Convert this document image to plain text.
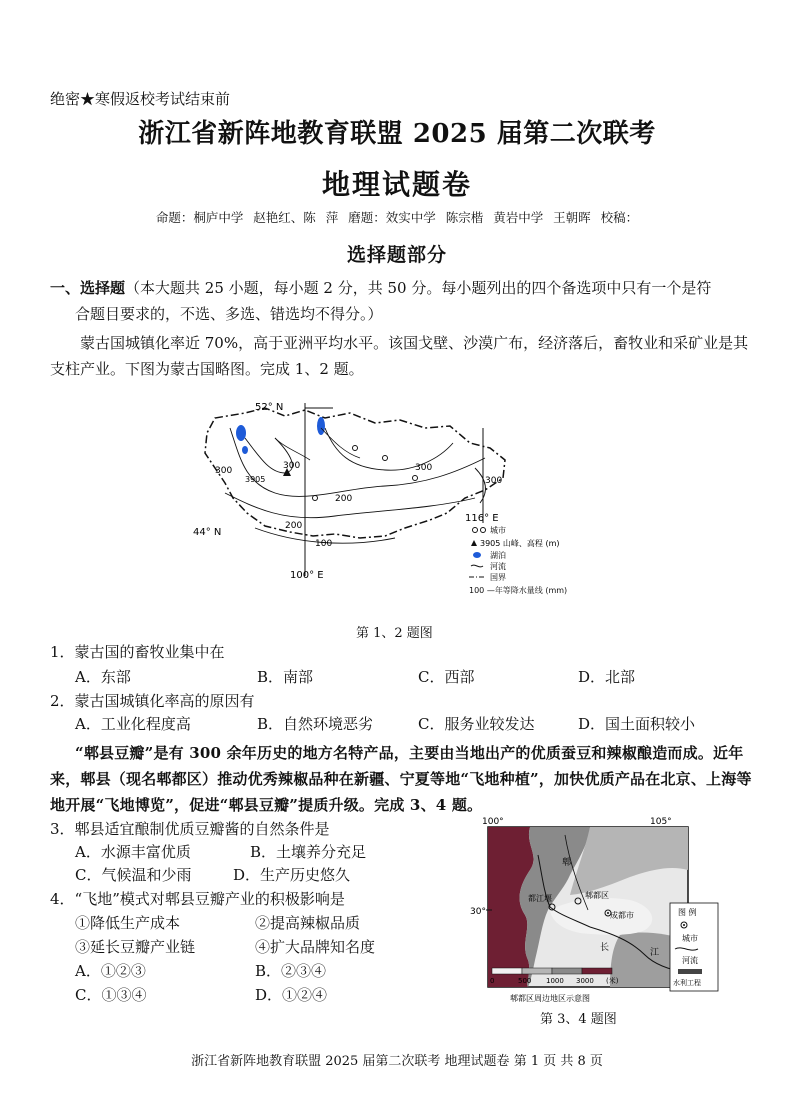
绝密★寒假返校考试结束前
浙江省新阵地教育联盟 2025 届第二次联考
地理试题卷
命题：桐庐中学 赵艳红、陈 萍 磨题：效实中学 陈宗楷 黄岩中学 王朝晖 校稿：
选择题部分
一、选择题（本大题共 25 小题，每小题 2 分，共 50 分。每小题列出的四个备选项中只有一个是符
合题目要求的，不选、多选、错选均不得分。）
蒙古国城镇化率近 70%，高于亚洲平均水平。该国戈壁、沙漠广布，经济落后，畜牧业和采矿业是其支柱产业。下图为蒙古国略图。完成 1、2 题。
52° N
44° N
100° E
116° E
300	300	300
300
200
200
100
3905
城市
3905 山峰、高程 (m)
湖泊
河流
国界
100 —年等降水量线 (mm)
第 1、2 题图
1．蒙古国的畜牧业集中在
A．东部	B．南部	C．西部	D．北部
2．蒙古国城镇化率高的原因有
A．工业化程度高	B．自然环境恶劣	C．服务业较发达	D．国土面积较小
“郫县豆瓣”是有 300 余年历史的地方名特产品，主要由当地出产的优质蚕豆和辣椒酿造而成。近年来，郫县（现名郫都区）推动优秀辣椒品种在新疆、宁夏等地“飞地种植”，加快优质产品在北京、上海等地开展“飞地博览”，促进“郫县豆瓣”提质升级。完成 3、4 题。
3．郫县适宜酿制优质豆瓣酱的自然条件是
A．水源丰富优质	B．土壤养分充足
C．气候温和少雨	D．生产历史悠久
4．“飞地”模式对郫县豆瓣产业的积极影响是
①降低生产成本	②提高辣椒品质
③延长豆瓣产业链	④扩大品牌知名度
A．①②③	B．②③④
C．①③④	D．①②④
100°	105°
30°
郫
都江堰	郫都区
成都市
长	江
0	500 1000 3000 (米)
图 例
城市
河流
水利工程
郫都区周边地区示意图
第 3、4 题图
浙江省新阵地教育联盟 2025 届第二次联考 地理试题卷 第 1 页 共 8 页
